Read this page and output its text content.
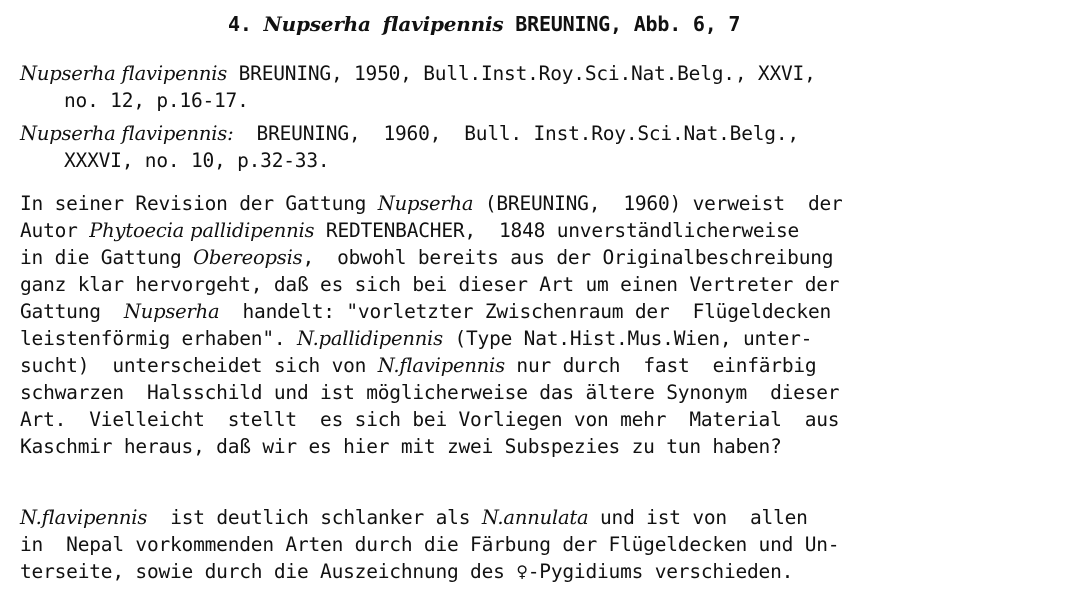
4. Nupserha flavipennis BREUNING, Abb. 6, 7
Nupserha flavipennis BREUNING, 1950, Bull.Inst.Roy.Sci.Nat.Belg., XXVI,
no. 12, p.16-17.
Nupserha flavipennis:  BREUNING,  1960,  Bull. Inst.Roy.Sci.Nat.Belg.,
XXXVI, no. 10, p.32-33.
In seiner Revision der Gattung Nupserha (BREUNING,  1960) verweist  der
Autor Phytoecia pallidipennis REDTENBACHER,  1848 unverständlicherweise
in die Gattung Obereopsis,  obwohl bereits aus der Originalbeschreibung
ganz klar hervorgeht, daß es sich bei dieser Art um einen Vertreter der
Gattung  Nupserha  handelt: "vorletzter Zwischenraum der  Flügeldecken
leistenförmig erhaben". N.pallidipennis (Type Nat.Hist.Mus.Wien, unter-
sucht)  unterscheidet sich von N.flavipennis nur durch  fast  einfärbig
schwarzen  Halsschild und ist möglicherweise das ältere Synonym  dieser
Art.  Vielleicht  stellt  es sich bei Vorliegen von mehr  Material  aus
Kaschmir heraus, daß wir es hier mit zwei Subspezies zu tun haben?
N.flavipennis  ist deutlich schlanker als N.annulata und ist von  allen
in  Nepal vorkommenden Arten durch die Färbung der Flügeldecken und Un-
terseite, sowie durch die Auszeichnung des ♀-Pygidiums verschieden.
